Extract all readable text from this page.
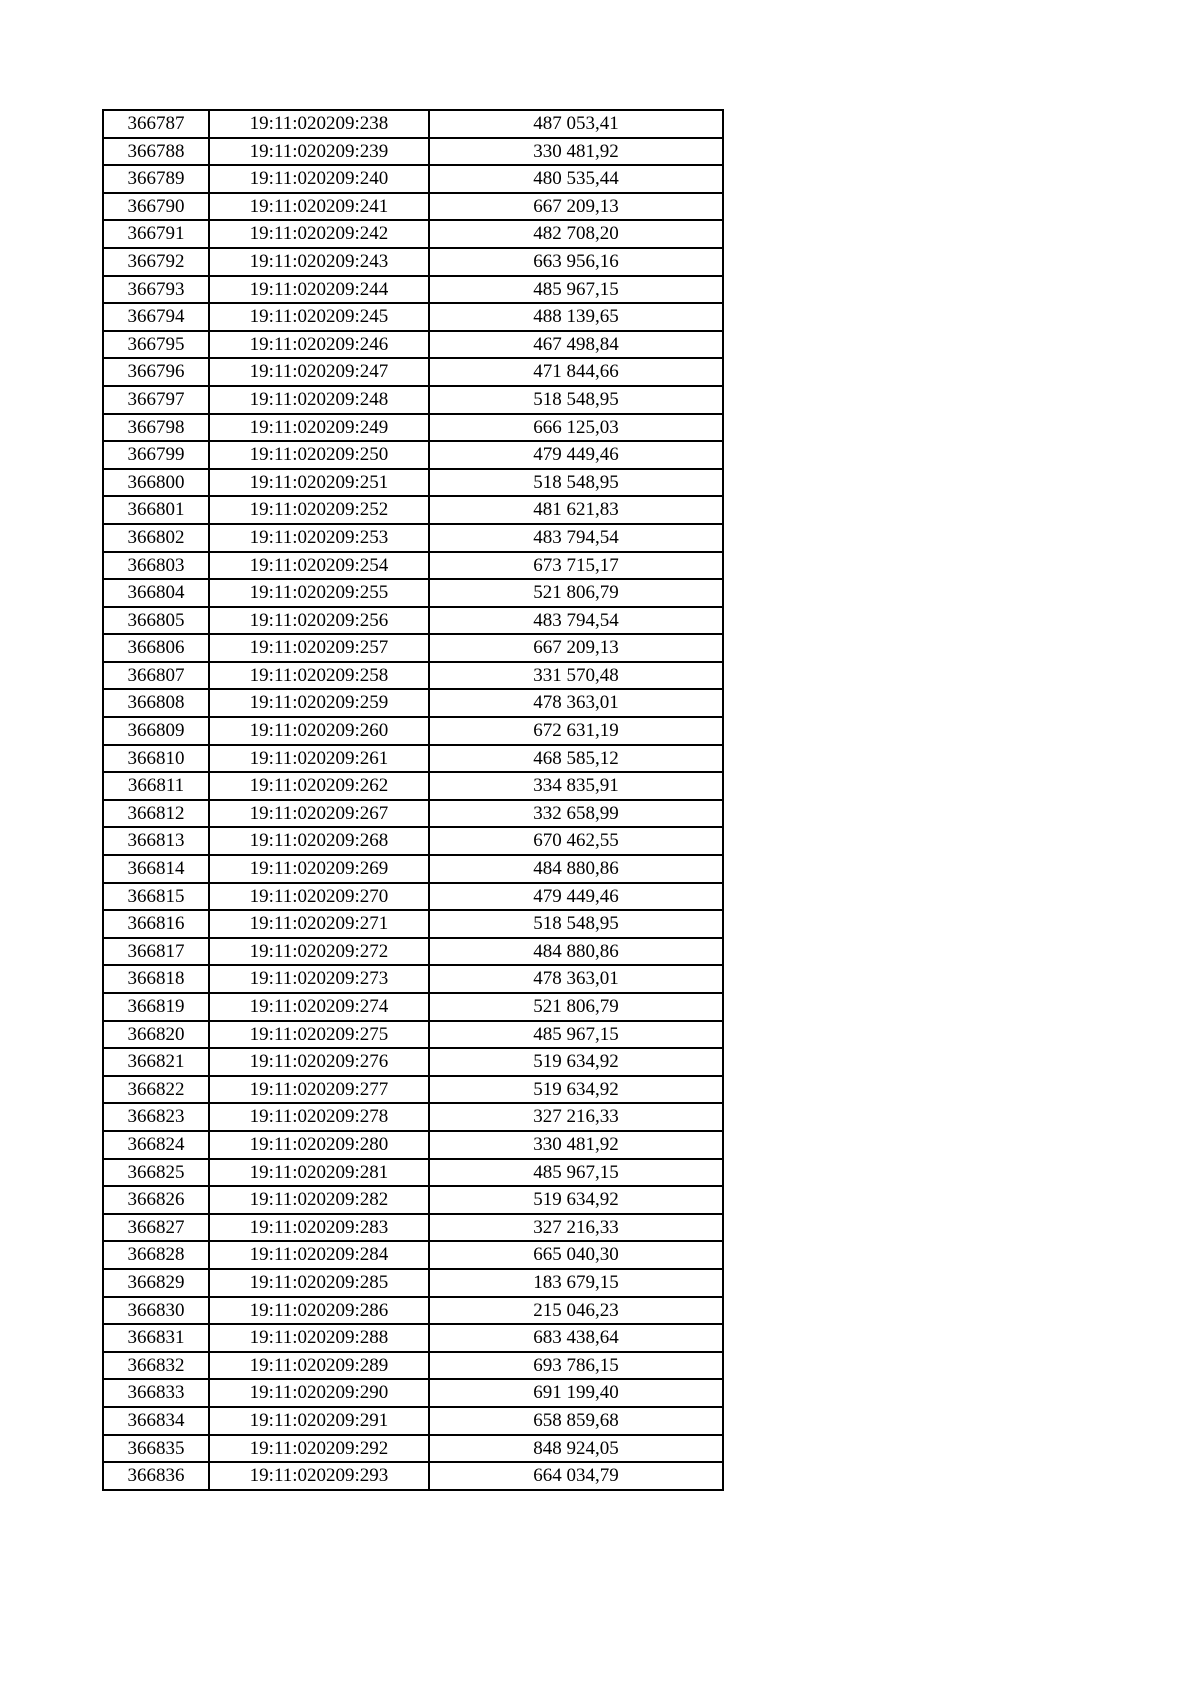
366787	19:11:020209:238	487 053,41
366788	19:11:020209:239	330 481,92
366789	19:11:020209:240	480 535,44
366790	19:11:020209:241	667 209,13
366791	19:11:020209:242	482 708,20
366792	19:11:020209:243	663 956,16
366793	19:11:020209:244	485 967,15
366794	19:11:020209:245	488 139,65
366795	19:11:020209:246	467 498,84
366796	19:11:020209:247	471 844,66
366797	19:11:020209:248	518 548,95
366798	19:11:020209:249	666 125,03
366799	19:11:020209:250	479 449,46
366800	19:11:020209:251	518 548,95
366801	19:11:020209:252	481 621,83
366802	19:11:020209:253	483 794,54
366803	19:11:020209:254	673 715,17
366804	19:11:020209:255	521 806,79
366805	19:11:020209:256	483 794,54
366806	19:11:020209:257	667 209,13
366807	19:11:020209:258	331 570,48
366808	19:11:020209:259	478 363,01
366809	19:11:020209:260	672 631,19
366810	19:11:020209:261	468 585,12
366811	19:11:020209:262	334 835,91
366812	19:11:020209:267	332 658,99
366813	19:11:020209:268	670 462,55
366814	19:11:020209:269	484 880,86
366815	19:11:020209:270	479 449,46
366816	19:11:020209:271	518 548,95
366817	19:11:020209:272	484 880,86
366818	19:11:020209:273	478 363,01
366819	19:11:020209:274	521 806,79
366820	19:11:020209:275	485 967,15
366821	19:11:020209:276	519 634,92
366822	19:11:020209:277	519 634,92
366823	19:11:020209:278	327 216,33
366824	19:11:020209:280	330 481,92
366825	19:11:020209:281	485 967,15
366826	19:11:020209:282	519 634,92
366827	19:11:020209:283	327 216,33
366828	19:11:020209:284	665 040,30
366829	19:11:020209:285	183 679,15
366830	19:11:020209:286	215 046,23
366831	19:11:020209:288	683 438,64
366832	19:11:020209:289	693 786,15
366833	19:11:020209:290	691 199,40
366834	19:11:020209:291	658 859,68
366835	19:11:020209:292	848 924,05
366836	19:11:020209:293	664 034,79
